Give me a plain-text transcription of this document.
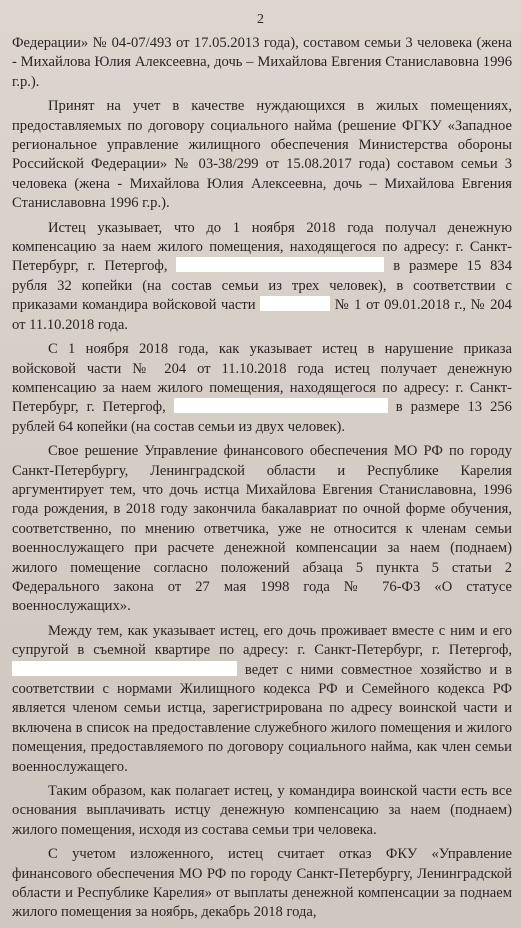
2

Федерации» № 04-07/493 от 17.05.2013 года), составом семьи 3 человека (жена - Михайлова Юлия Алексеевна, дочь – Михайлова Евгения Станиславовна 1996 г.р.).

Принят на учет в качестве нуждающихся в жилых помещениях, предоставляемых по договору социального найма (решение ФГКУ «Западное региональное управление жилищного обеспечения Министерства обороны Российской Федерации» № 03-38/299 от 15.08.2017 года) составом семьи 3 человека (жена - Михайлова Юлия Алексеевна, дочь – Михайлова Евгения Станиславовна 1996 г.р.).

Истец указывает, что до 1 ноября 2018 года получал денежную компенсацию за наем жилого помещения, находящегося по адресу: г. Санкт-Петербург, г. Петергоф,	в размере 15 834 рубля 32 копейки (на состав семьи из трех человек), в соответствии с приказами командира войсковой части	№ 1 от 09.01.2018 г., № 204 от 11.10.2018 года.

С 1 ноября 2018 года, как указывает истец в нарушение приказа войсковой части № 204 от 11.10.2018 года истец получает денежную компенсацию за наем жилого помещения, находящегося по адресу: г. Санкт-Петербург, г. Петергоф,	в размере 13 256 рублей 64 копейки (на состав семьи из двух человек).

Свое решение Управление финансового обеспечения МО РФ по городу Санкт-Петербургу, Ленинградской области и Республике Карелия аргументирует тем, что дочь истца Михайлова Евгения Станиславовна, 1996 года рождения, в 2018 году закончила бакалавриат по очной форме обучения, соответственно, по мнению ответчика, уже не относится к членам семьи военнослужащего при расчете денежной компенсации за наем (поднаем) жилого помещение согласно положений абзаца 5 пункта 5 статьи 2 Федерального закона от 27 мая 1998 года № 76-ФЗ «О статусе военнослужащих».

Между тем, как указывает истец, его дочь проживает вместе с ним и его супругой в съемной квартире по адресу: г. Санкт-Петербург, г. Петергоф,  ведет с ними совместное хозяйство и в соответствии с нормами Жилищного кодекса РФ и Семейного кодекса РФ является членом семьи истца, зарегистрирована по адресу воинской части и включена в список на предоставление служебного жилого помещения и жилого помещения, предоставляемого по договору социального найма, как член семьи военнослужащего.

Таким образом, как полагает истец, у командира воинской части есть все основания выплачивать истцу денежную компенсацию за наем (поднаем) жилого помещения, исходя из состава семьи три человека.

С учетом изложенного, истец считает отказ ФКУ «Управление финансового обеспечения МО РФ по городу Санкт-Петербургу, Ленинградской области и Республике Карелия» от выплаты денежной компенсации за поднаем жилого помещения за ноябрь, декабрь 2018 года,
